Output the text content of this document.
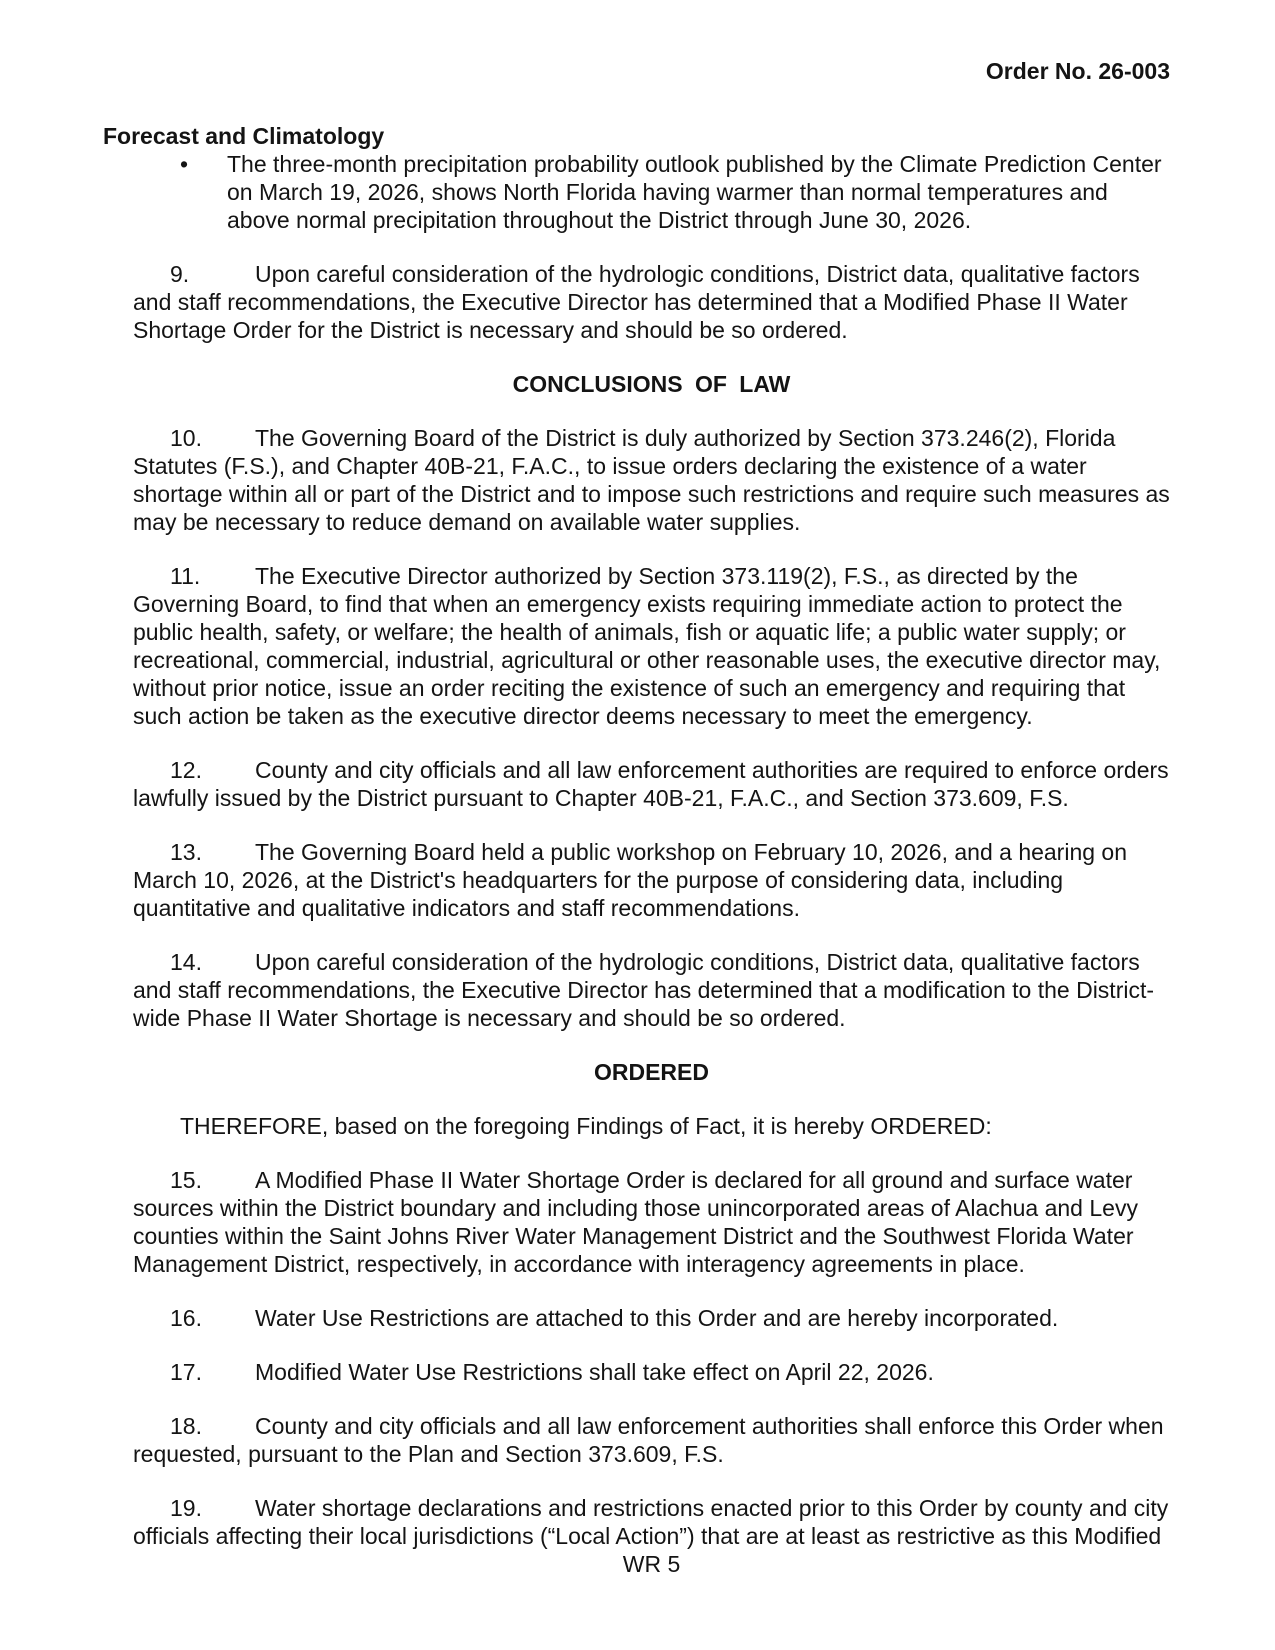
Order No. 26-003
Forecast and Climatology
• The three-month precipitation probability outlook published by the Climate Prediction Center on March 19, 2026, shows North Florida having warmer than normal temperatures and above normal precipitation throughout the District through June 30, 2026.
9.	Upon careful consideration of the hydrologic conditions, District data, qualitative factors and staff recommendations, the Executive Director has determined that a Modified Phase II Water Shortage Order for the District is necessary and should be so ordered.
CONCLUSIONS OF LAW
10. The Governing Board of the District is duly authorized by Section 373.246(2), Florida Statutes (F.S.), and Chapter 40B-21, F.A.C., to issue orders declaring the existence of a water shortage within all or part of the District and to impose such restrictions and require such measures as may be necessary to reduce demand on available water supplies.
11. The Executive Director authorized by Section 373.119(2), F.S., as directed by the Governing Board, to find that when an emergency exists requiring immediate action to protect the public health, safety, or welfare; the health of animals, fish or aquatic life; a public water supply; or recreational, commercial, industrial, agricultural or other reasonable uses, the executive director may, without prior notice, issue an order reciting the existence of such an emergency and requiring that such action be taken as the executive director deems necessary to meet the emergency.
12. County and city officials and all law enforcement authorities are required to enforce orders lawfully issued by the District pursuant to Chapter 40B-21, F.A.C., and Section 373.609, F.S.
13. The Governing Board held a public workshop on February 10, 2026, and a hearing on March 10, 2026, at the District's headquarters for the purpose of considering data, including quantitative and qualitative indicators and staff recommendations.
14. Upon careful consideration of the hydrologic conditions, District data, qualitative factors and staff recommendations, the Executive Director has determined that a modification to the District-wide Phase II Water Shortage is necessary and should be so ordered.
ORDERED
THEREFORE, based on the foregoing Findings of Fact, it is hereby ORDERED:
15. A Modified Phase II Water Shortage Order is declared for all ground and surface water sources within the District boundary and including those unincorporated areas of Alachua and Levy counties within the Saint Johns River Water Management District and the Southwest Florida Water Management District, respectively, in accordance with interagency agreements in place.
16. Water Use Restrictions are attached to this Order and are hereby incorporated.
17. Modified Water Use Restrictions shall take effect on April 22, 2026.
18. County and city officials and all law enforcement authorities shall enforce this Order when requested, pursuant to the Plan and Section 373.609, F.S.
19. Water shortage declarations and restrictions enacted prior to this Order by county and city officials affecting their local jurisdictions (“Local Action”) that are at least as restrictive as this Modified
WR 5
